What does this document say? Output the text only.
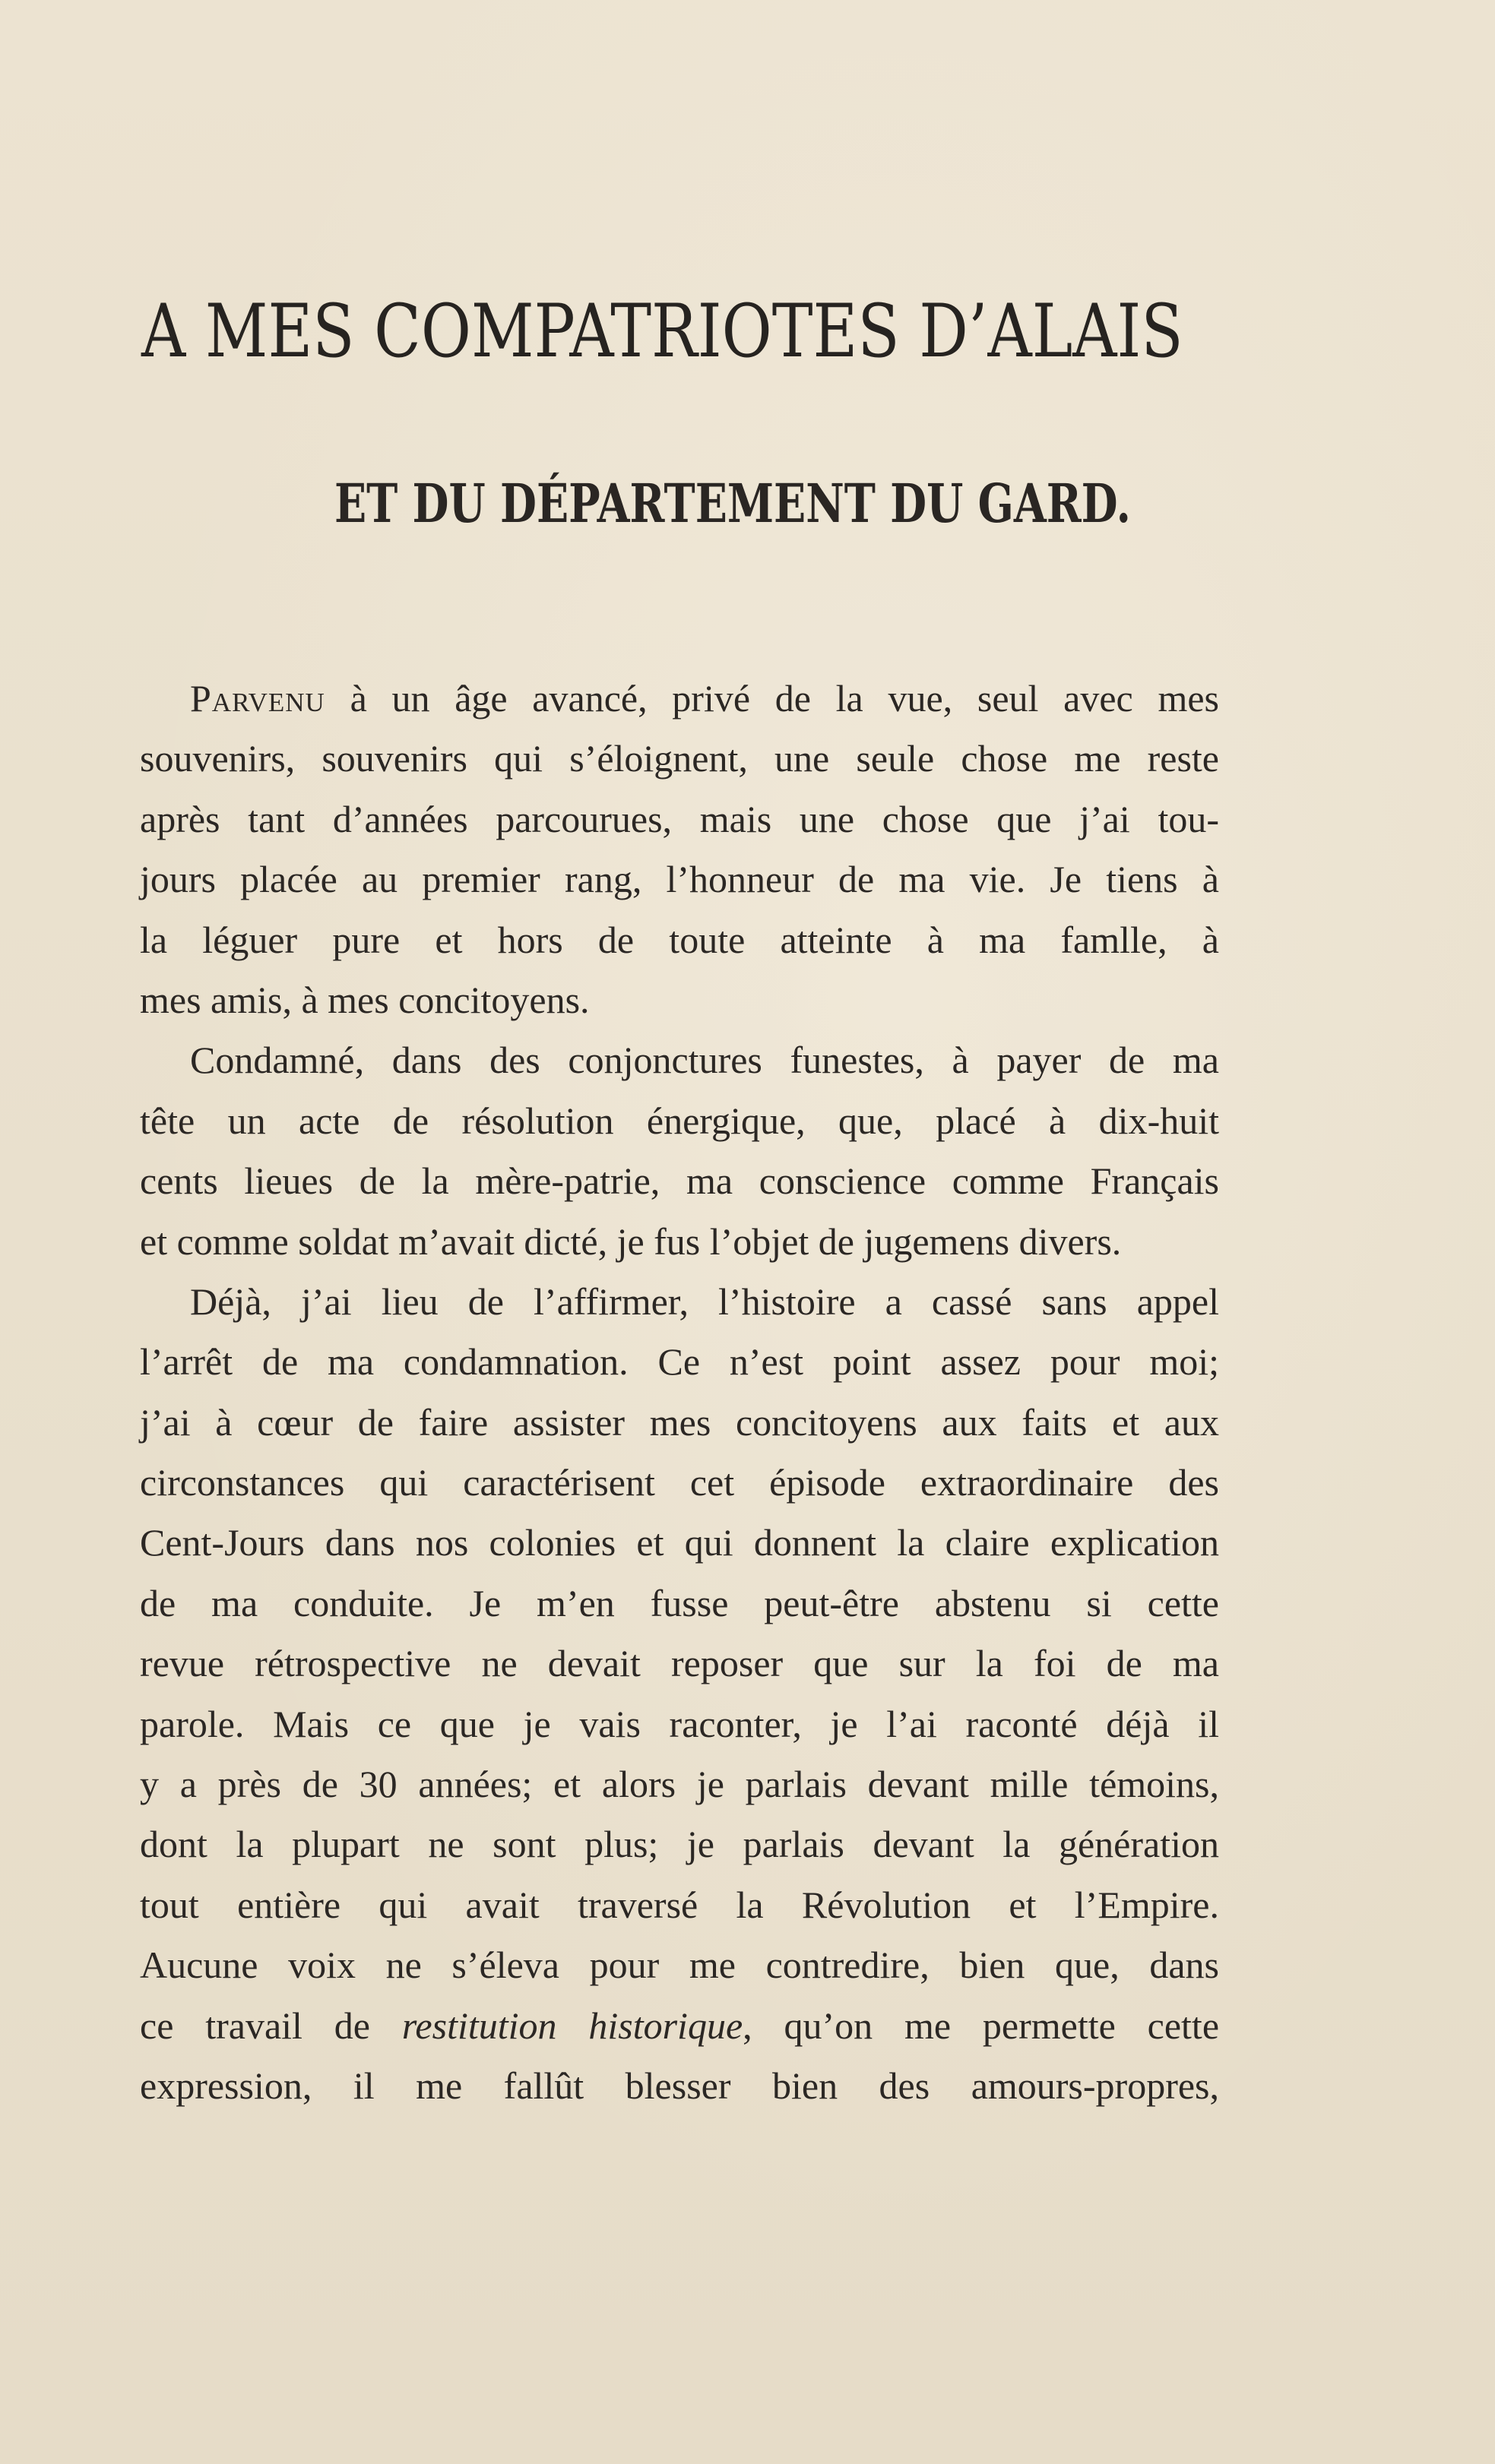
A MES COMPATRIOTES D’ALAIS
ET DU DÉPARTEMENT DU GARD.
Parvenu à un âge avancé, privé de la vue, seul avec mes
souvenirs, souvenirs qui s’éloignent, une seule chose me reste
après tant d’années parcourues, mais une chose que j’ai tou-
jours placée au premier rang, l’honneur de ma vie. Je tiens à
la léguer pure et hors de toute atteinte à ma famlle, à
mes amis, à mes concitoyens.
Condamné, dans des conjonctures funestes, à payer de ma
tête un acte de résolution énergique, que, placé à dix-huit
cents lieues de la mère-patrie, ma conscience comme Français
et comme soldat m’avait dicté, je fus l’objet de jugemens divers.
Déjà, j’ai lieu de l’affirmer, l’histoire a cassé sans appel
l’arrêt de ma condamnation. Ce n’est point assez pour moi;
j’ai à cœur de faire assister mes concitoyens aux faits et aux
circonstances qui caractérisent cet épisode extraordinaire des
Cent-Jours dans nos colonies et qui donnent la claire explication
de ma conduite. Je m’en fusse peut-être abstenu si cette
revue rétrospective ne devait reposer que sur la foi de ma
parole. Mais ce que je vais raconter, je l’ai raconté déjà il
y a près de 30 années; et alors je parlais devant mille témoins,
dont la plupart ne sont plus; je parlais devant la génération
tout entière qui avait traversé la Révolution et l’Empire.
Aucune voix ne s’éleva pour me contredire, bien que, dans
ce travail de restitution historique, qu’on me permette cette
expression, il me fallût blesser bien des amours-propres,
